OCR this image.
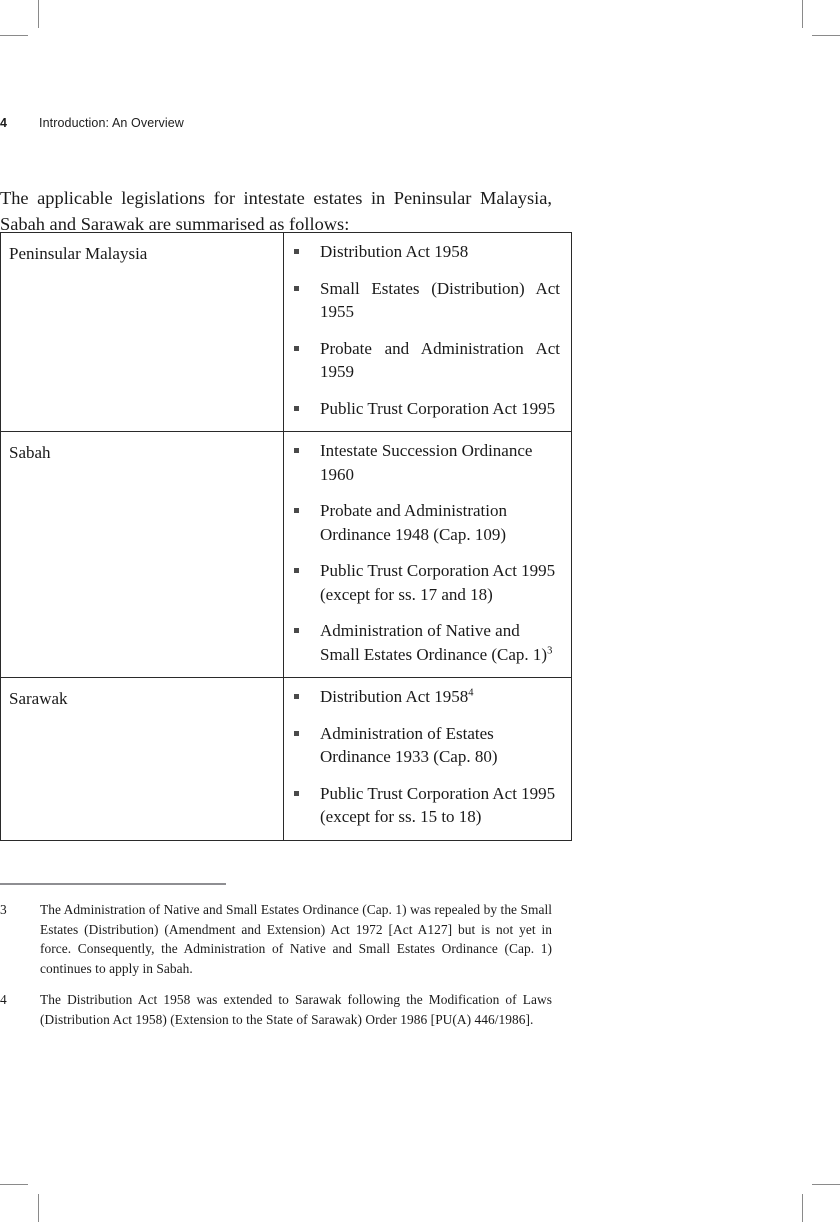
4	Introduction: An Overview

The applicable legislations for intestate estates in Peninsular Malaysia, Sabah and Sarawak are summarised as follows:

Peninsular Malaysia	Distribution Act 1958
Small Estates (Distribution) Act 1955
Probate and Administration Act 1959
Public Trust Corporation Act 1995

Sabah	Intestate Succession Ordinance 1960
Probate and Administration Ordinance 1948 (Cap. 109)
Public Trust Corporation Act 1995 (except for ss. 17 and 18)
Administration of Native and Small Estates Ordinance (Cap. 1)$^3$

Sarawak	Distribution Act 1958$^4$
Administration of Estates Ordinance 1933 (Cap. 80)
Public Trust Corporation Act 1995 (except for ss. 15 to 18)
3	The Administration of Native and Small Estates Ordinance (Cap. 1) was repealed by the Small Estates (Distribution) (Amendment and Extension) Act 1972 [Act A127] but is not yet in force. Consequently, the Administration of Native and Small Estates Ordinance (Cap. 1) continues to apply in Sabah.
4	The Distribution Act 1958 was extended to Sarawak following the Modification of Laws (Distribution Act 1958) (Extension to the State of Sarawak) Order 1986 [PU(A) 446/1986].
